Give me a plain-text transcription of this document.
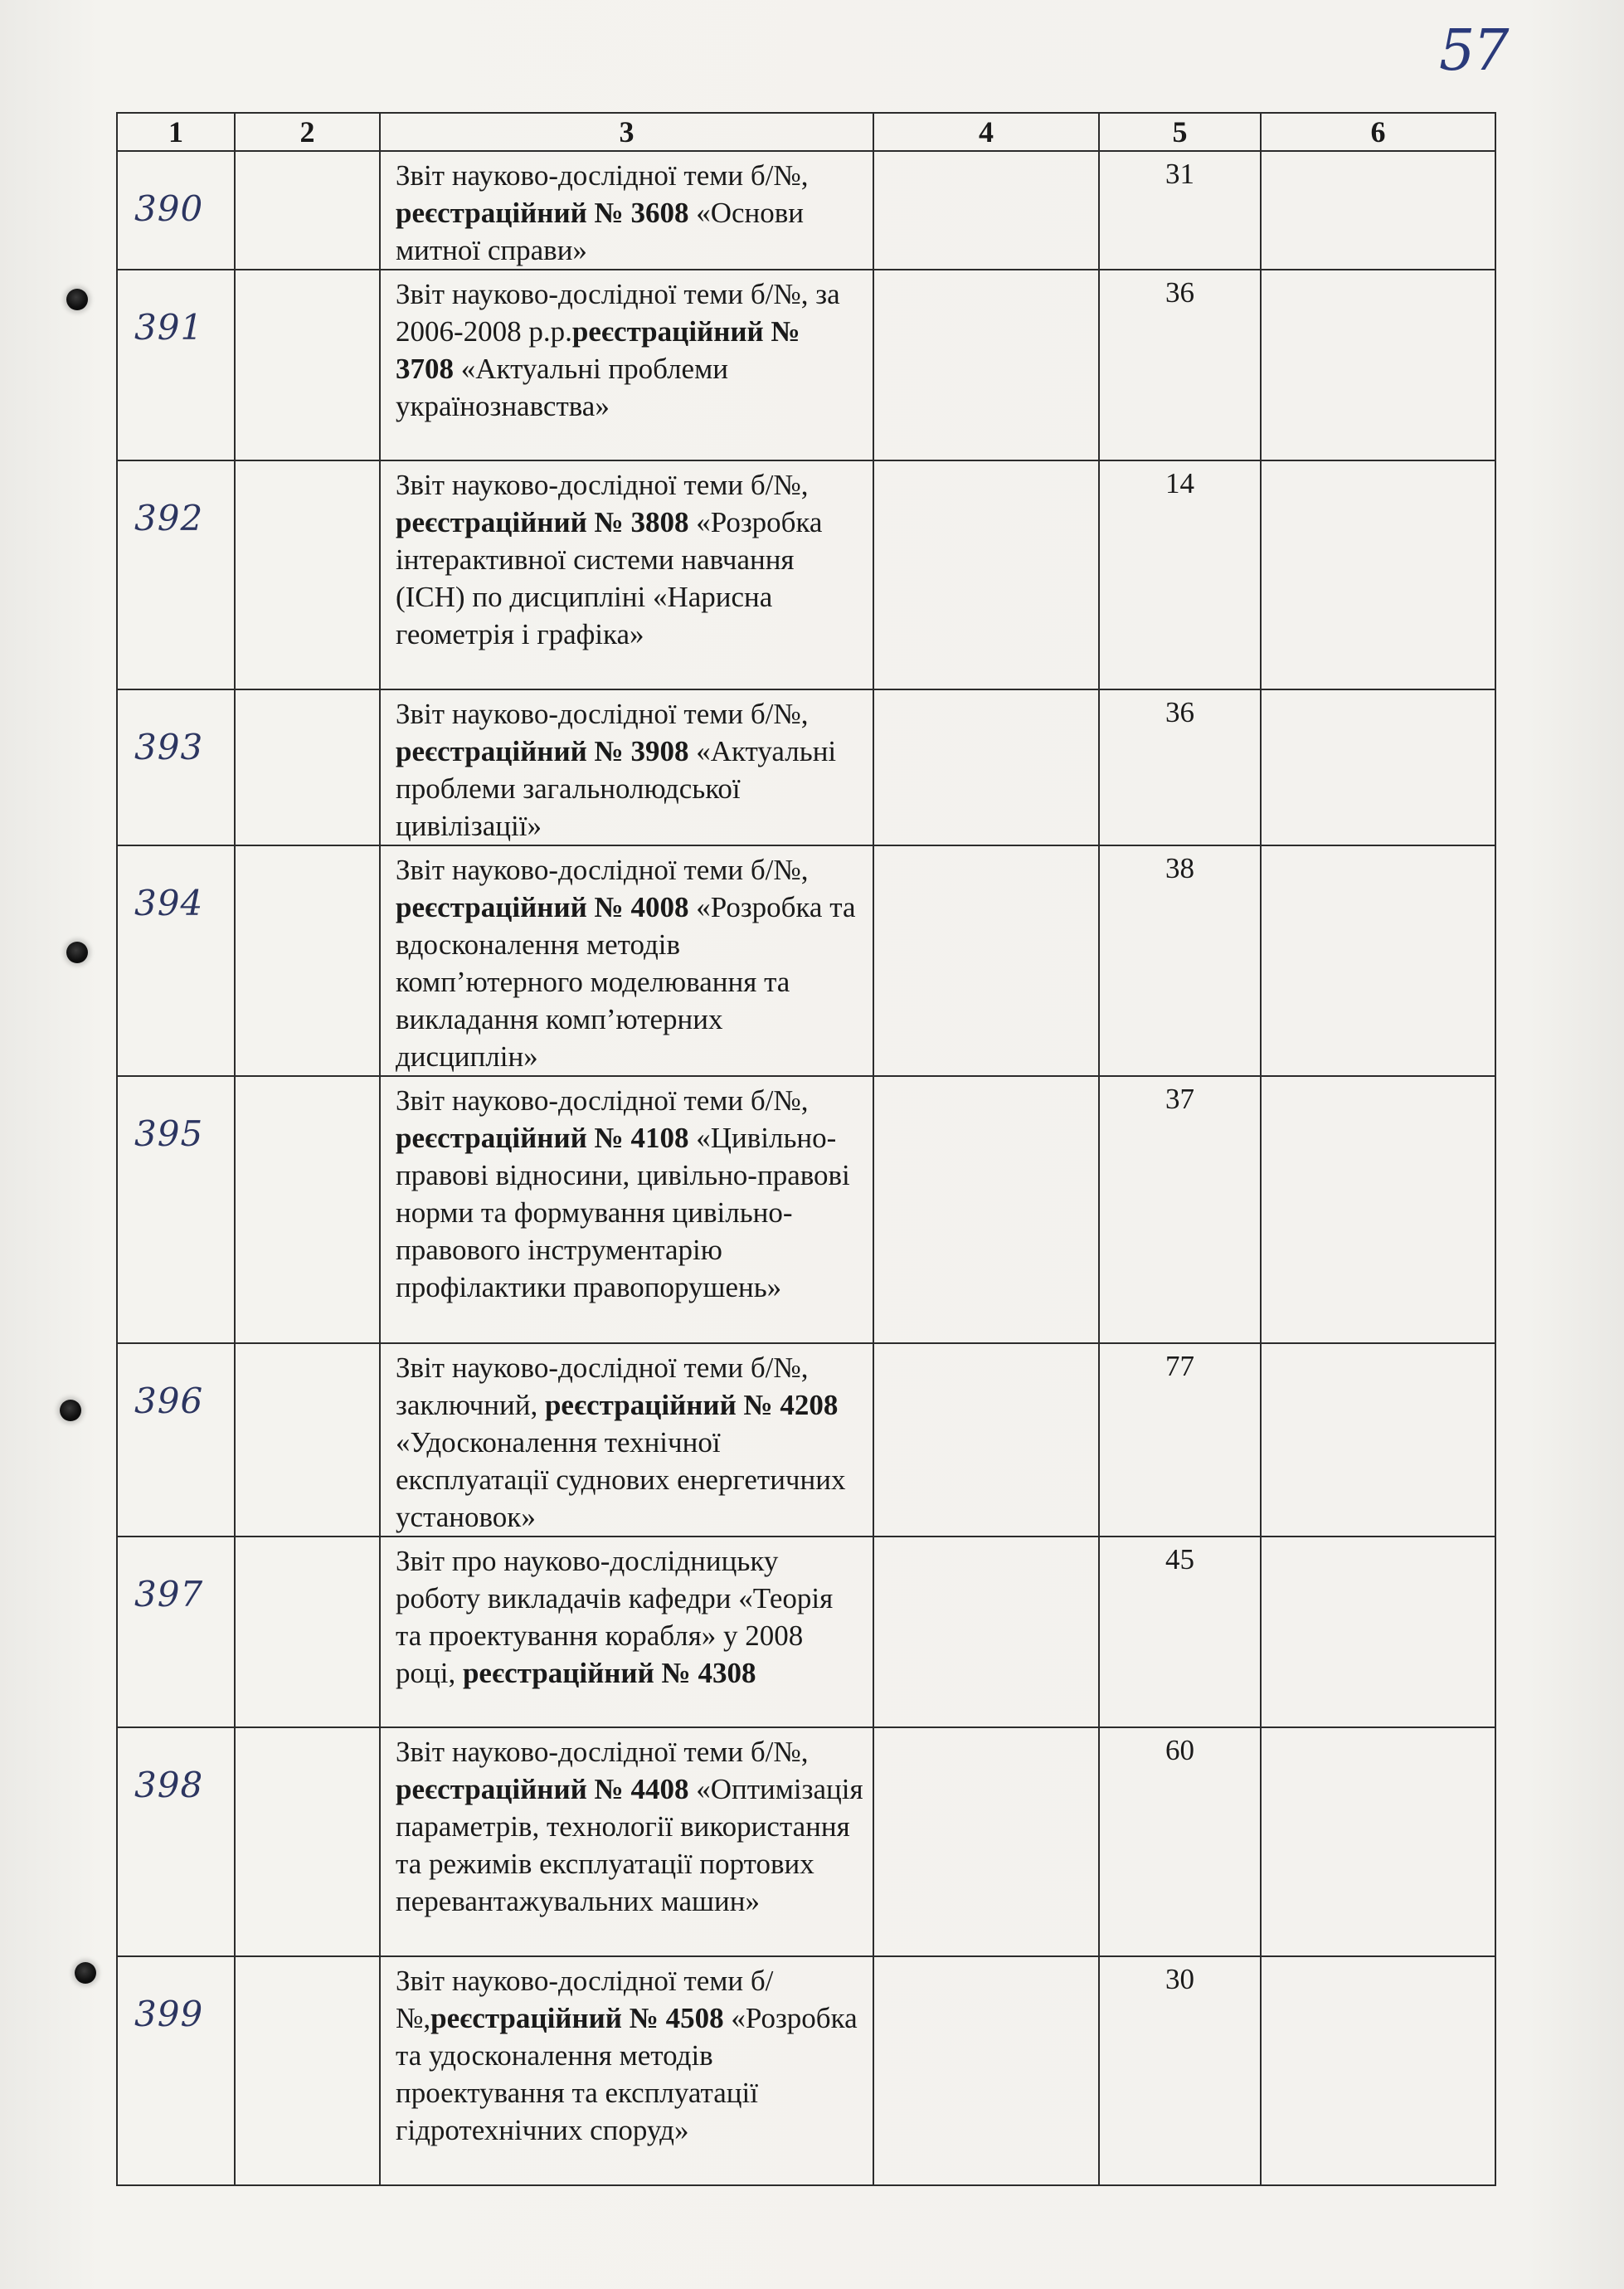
57
1	2	3	4	5	6

390		Звіт науково-дослідної теми б/№, реєстраційний № 3608 «Основи митної справи»		31	

391		Звіт науково-дослідної теми б/№, за 2006-2008 р.р.реєстраційний № 3708 «Актуальні проблеми українознавства»		36	

392		Звіт науково-дослідної теми б/№, реєстраційний № 3808 «Розробка інтерактивної системи навчання (ІСН) по дисципліні «Нарисна геометрія і графіка»		14	

393		Звіт науково-дослідної теми б/№, реєстраційний № 3908 «Актуальні проблеми загальнолюдської цивілізації»		36	

394		Звіт науково-дослідної теми б/№, реєстраційний № 4008 «Розробка та вдосконалення методів комп’ютерного моделювання та викладання комп’ютерних дисциплін»		38	

395		Звіт науково-дослідної теми б/№, реєстраційний № 4108 «Цивільно-правові відносини, цивільно-правові норми та формування цивільно-правового інструментарію профілактики правопорушень»		37	

396		Звіт науково-дослідної теми б/№, заключний, реєстраційний № 4208 «Удосконалення технічної експлуатації суднових енергетичних установок»		77	

397		Звіт про науково-дослідницьку роботу викладачів кафедри «Теорія та проектування корабля» у 2008 році, реєстраційний № 4308		45	

398		Звіт науково-дослідної теми б/№, реєстраційний № 4408 «Оптимізація параметрів, технології використання та режимів експлуатації портових перевантажувальних машин»		60	

399		Звіт науково-дослідної теми б/№,реєстраційний № 4508 «Розробка та удосконалення методів проектування та експлуатації гідротехнічних споруд»		30	
